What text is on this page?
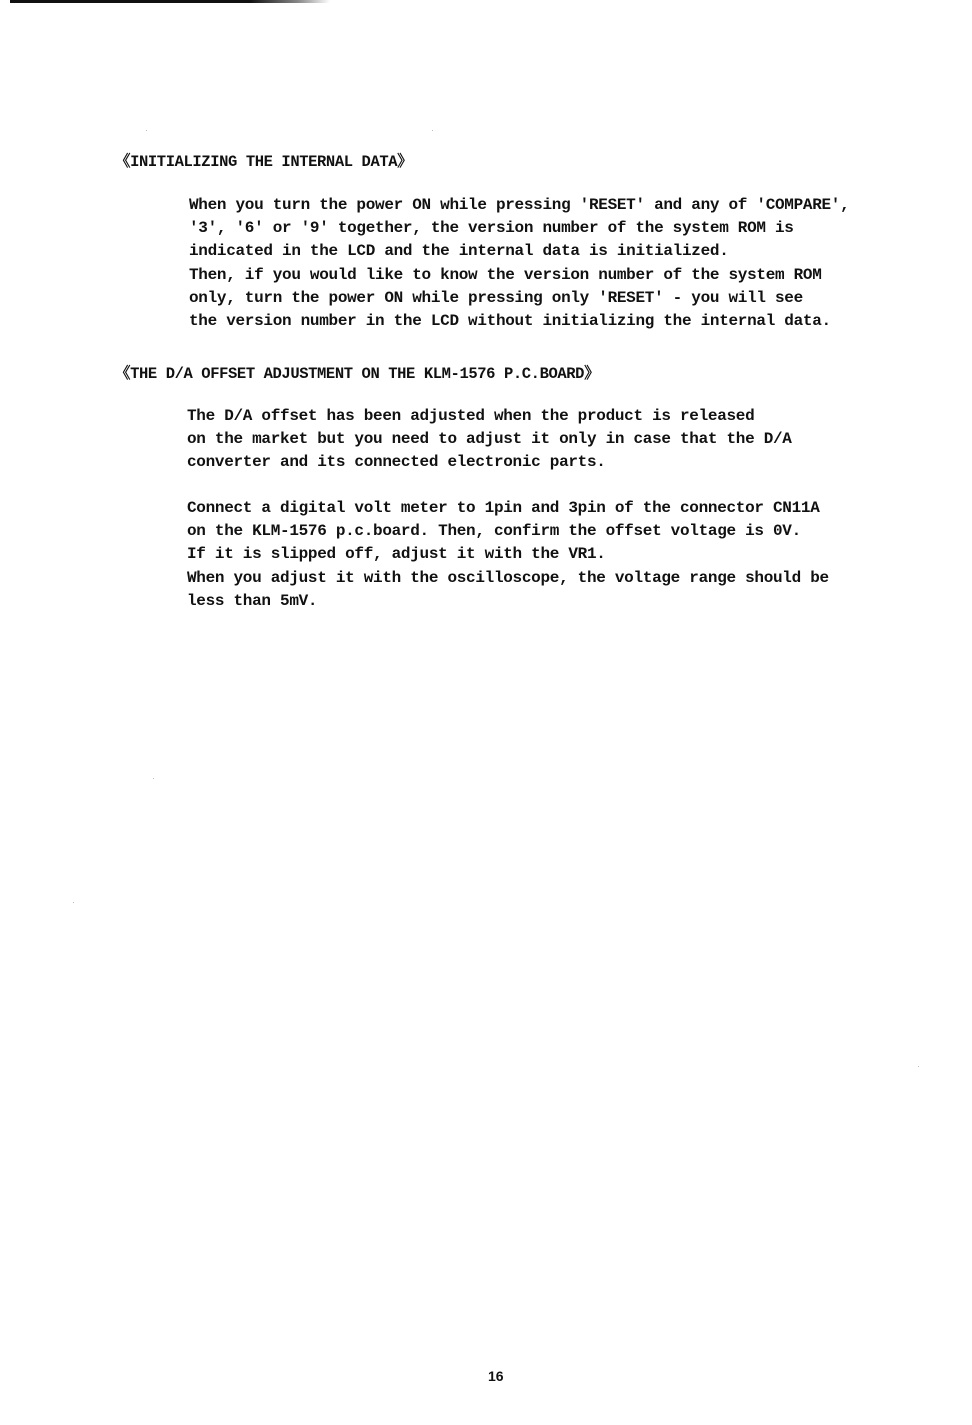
《INITIALIZING THE INTERNAL DATA》

When you turn the power ON while pressing 'RESET' and any of 'COMPARE',
'3', '6' or '9' together, the version number of the system ROM is
indicated in the LCD and the internal data is initialized.
Then, if you would like to know the version number of the system ROM
only, turn the power ON while pressing only 'RESET' - you will see
the version number in the LCD without initializing the internal data.

《THE D/A OFFSET ADJUSTMENT ON THE KLM-1576 P.C.BOARD》

The D/A offset has been adjusted when the product is released
on the market but you need to adjust it only in case that the D/A
converter and its connected electronic parts.

Connect a digital volt meter to 1pin and 3pin of the connector CN11A
on the KLM-1576 p.c.board. Then, confirm the offset voltage is 0V.
If it is slipped off, adjust it with the VR1.
When you adjust it with the oscilloscope, the voltage range should be
less than 5mV.

16
